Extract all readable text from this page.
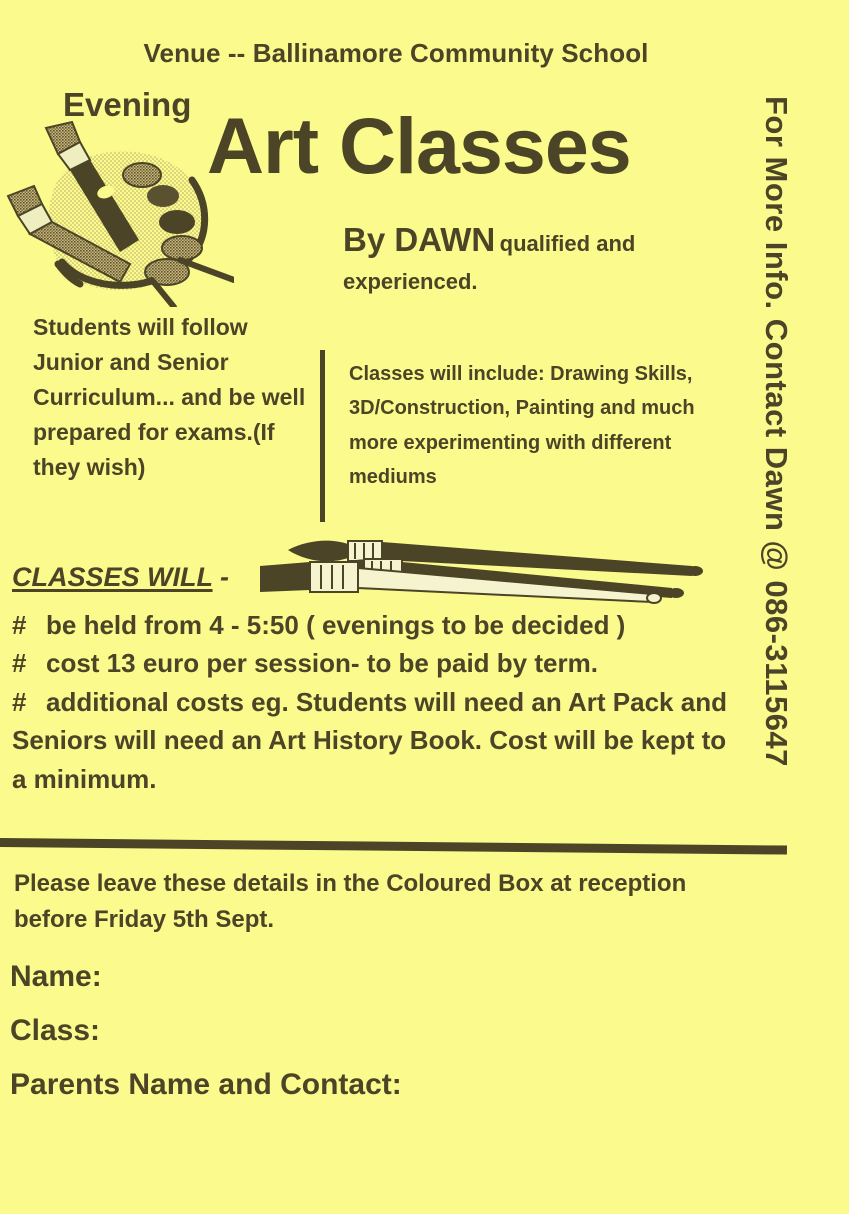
Venue -- Ballinamore Community School
Evening Art Classes
By DAWN qualified and
experienced.
Students will follow Junior and Senior Curriculum... and be well prepared for exams.(If they wish)
Classes will include: Drawing Skills, 3D/Construction, Painting and much more experimenting with different mediums
CLASSES WILL -
# be held from 4 - 5:50 ( evenings to be decided )
# cost 13 euro per session- to be paid by term.
# additional costs eg. Students will need an Art Pack and Seniors will need an Art History Book. Cost will be kept to a minimum.
Please leave these details in the Coloured Box at reception
before Friday 5th Sept.
Name:
Class:
Parents Name and Contact:
For More Info. Contact Dawn @ 086-3115647
